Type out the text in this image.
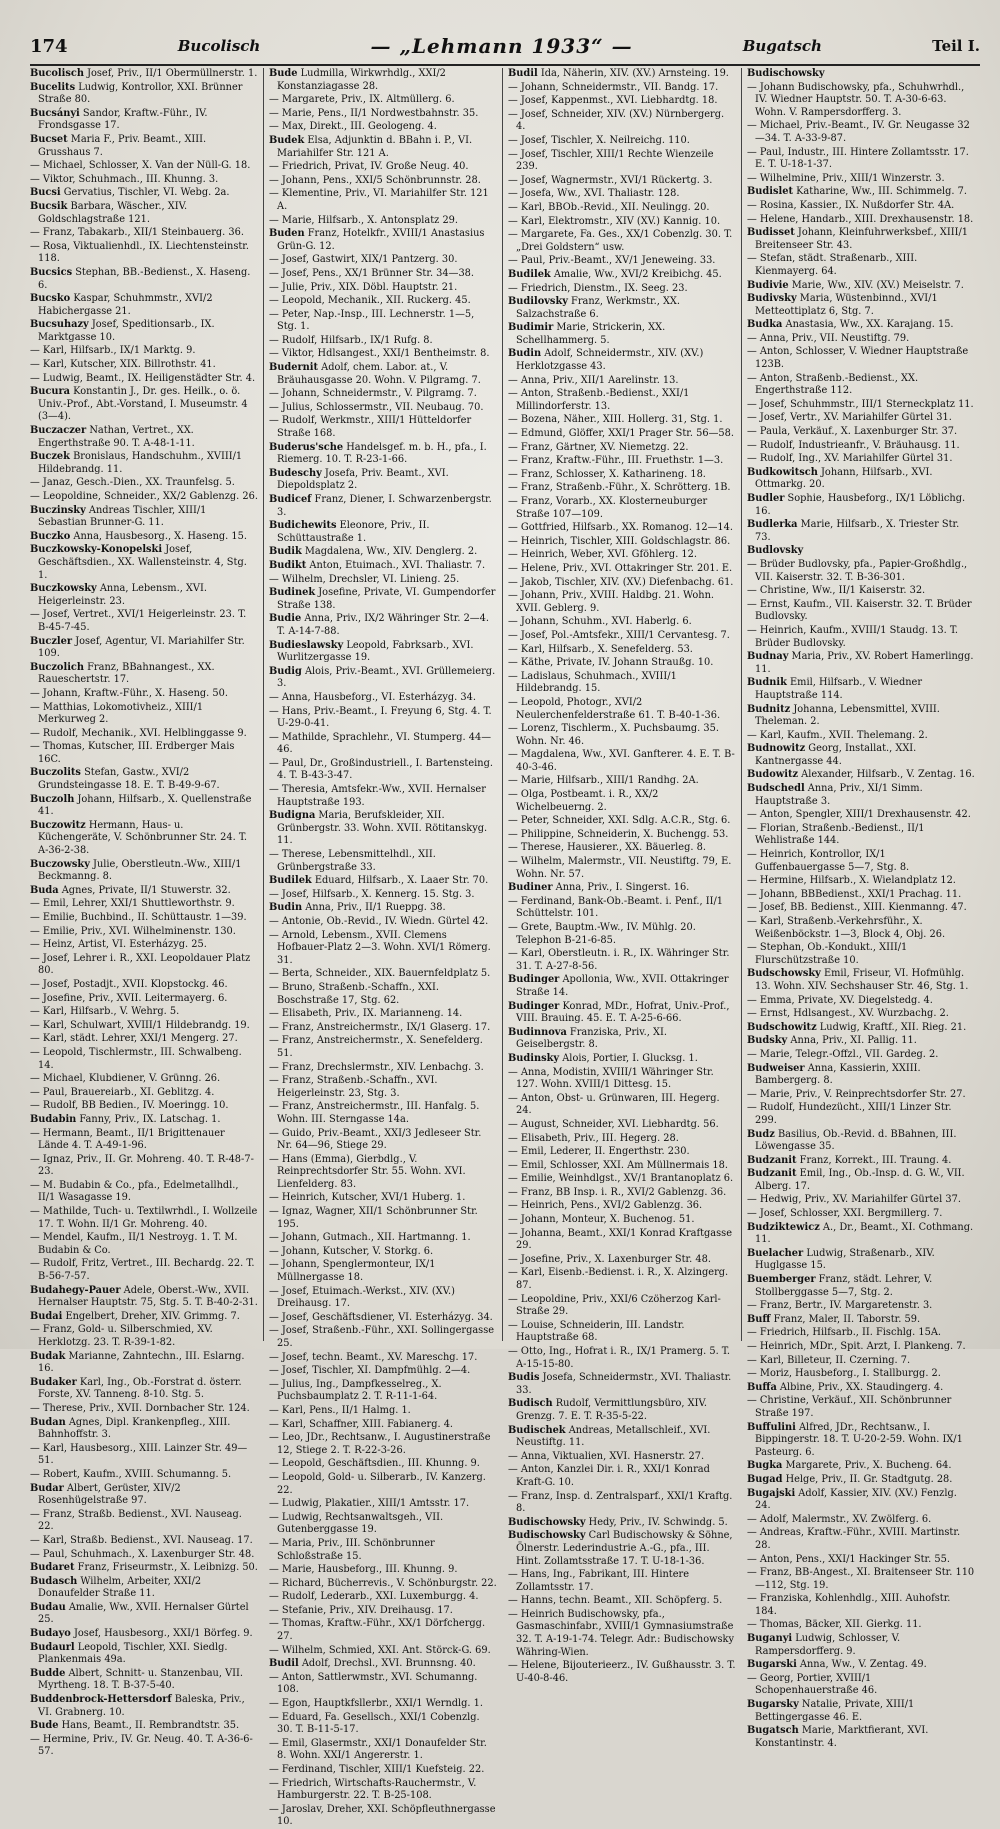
174	Bucolisch	— „Lehmann 1933“ —	Bugatsch	Teil I.
Bucolisch Josef, Priv., II/1 Obermüllnerstr. 1.
Bucelits Ludwig, Kontrollor, XXI. Brünner Straße 80.
Bucsányi Sandor, Kraftw.-Führ., IV. Frondsgasse 17.
Bucset Maria F., Priv. Beamt., XIII. Grusshaus 7.
— Michael, Schlosser, X. Van der Nüll-G. 18.
— Viktor, Schuhmach., III. Khunng. 3.
Bucsi Gervatius, Tischler, VI. Webg. 2a.
Bucsik Barbara, Wäscher., XIV. Goldschlagstraße 121.
— Franz, Tabakarb., XII/1 Steinbauerg. 36.
— Rosa, Viktualienhdl., IX. Liechtensteinstr. 118.
Bucsics Stephan, BB.-Bedienst., X. Haseng. 6.
Bucsko Kaspar, Schuhmmstr., XVI/2 Habichergasse 21.
Bucsuhazy Josef, Speditionsarb., IX. Marktgasse 10.
— Karl, Hilfsarb., IX/1 Marktg. 9.
— Karl, Kutscher, XIX. Billrothstr. 41.
— Ludwig, Beamt., IX. Heiligenstädter Str. 4.
Bucura Konstantin J., Dr. ges. Heilk., o. ö. Univ.-Prof., Abt.-Vorstand, I. Museumstr. 4 (3—4).
Buczaczer Nathan, Vertret., XX. Engerthstraße 90. T. A-48-1-11.
Buczek Bronislaus, Handschuhm., XVIII/1 Hildebrandg. 11.
— Janaz, Gesch.-Dien., XX. Traunfelsg. 5.
— Leopoldine, Schneider., XX/2 Gablenzg. 26.
Buczinsky Andreas Tischler, XIII/1 Sebastian Brunner-G. 11.
Buczko Anna, Hausbesorg., X. Haseng. 15.
Buczkowsky-Konopelski Josef, Geschäftsdien., XX. Wallensteinstr. 4, Stg. 1.
Buczkowsky Anna, Lebensm., XVI. Heigerleinstr. 23.
— Josef, Vertret., XVI/1 Heigerleinstr. 23. T. B-45-7-45.
Buczler Josef, Agentur, VI. Mariahilfer Str. 109.
Buczolich Franz, BBahnangest., XX. Raueschertstr. 17.
— Johann, Kraftw.-Führ., X. Haseng. 50.
— Matthias, Lokomotivheiz., XIII/1 Merkurweg 2.
— Rudolf, Mechanik., XVI. Helblinggasse 9.
— Thomas, Kutscher, III. Erdberger Mais 16C.
Buczolits Stefan, Gastw., XVI/2 Grundsteingasse 18. E. T. B-49-9-67.
Buczolh Johann, Hilfsarb., X. Quellenstraße 41.
Buczowitz Hermann, Haus- u. Küchengeräte, V. Schönbrunner Str. 24. T. A-36-2-38.
Buczowsky Julie, Oberstleutn.-Ww., XIII/1 Beckmanng. 8.
Buda Agnes, Private, II/1 Stuwerstr. 32.
— Emil, Lehrer, XXI/1 Shuttleworthstr. 9.
— Emilie, Buchbind., II. Schüttaustr. 1—39.
— Emilie, Priv., XVI. Wilhelminenstr. 130.
— Heinz, Artist, VI. Esterházyg. 25.
— Josef, Lehrer i. R., XXI. Leopoldauer Platz 80.
— Josef, Postadjt., XVII. Klopstockg. 46.
— Josefine, Priv., XVII. Leitermayerg. 6.
— Karl, Hilfsarb., V. Wehrg. 5.
— Karl, Schulwart, XVIII/1 Hildebrandg. 19.
— Karl, städt. Lehrer, XXI/1 Mengerg. 27.
— Leopold, Tischlermstr., III. Schwalbeng. 14.
— Michael, Klubdiener, V. Grünng. 26.
— Paul, Brauereiarb., XI. Geblitzg. 4.
— Rudolf, BB Bedien., IV. Moeringg. 10.
Budabin Fanny, Priv., IX. Latschag. 1.
— Hermann, Beamt., II/1 Brigittenauer Lände 4. T. A-49-1-96.
— Ignaz, Priv., II. Gr. Mohreng. 40. T. R-48-7-23.
— M. Budabin & Co., pfa., Edelmetallhdl., II/1 Wasagasse 19.
— Mathilde, Tuch- u. Textilwrhdl., I. Wollzeile 17. T. Wohn. II/1 Gr. Mohreng. 40.
— Mendel, Kaufm., II/1 Nestroyg. 1. T. M. Budabin & Co.
— Rudolf, Fritz, Vertret., III. Bechardg. 22. T. B-56-7-57.
Budahegy-Pauer Adele, Oberst.-Ww., XVII. Hernalser Hauptstr. 75, Stg. 5. T. B-40-2-31.
Budai Engelbert, Dreher, XIV. Grimmg. 7.
— Franz, Gold- u. Silberschmied, XV. Herklotzg. 23. T. R-39-1-82.
Budak Marianne, Zahntechn., III. Eslarng. 16.
Budaker Karl, Ing., Ob.-Forstrat d. österr. Forste, XV. Tanneng. 8-10. Stg. 5.
— Therese, Priv., XVII. Dornbacher Str. 124.
Budan Agnes, Dipl. Krankenpfleg., XIII. Bahnhoffstr. 3.
— Karl, Hausbesorg., XIII. Lainzer Str. 49—51.
— Robert, Kaufm., XVIII. Schumanng. 5.
Budar Albert, Gerüster, XIV/2 Rosenhügelstraße 97.
— Franz, Straßb. Bedienst., XVI. Nauseag. 22.
— Karl, Straßb. Bedienst., XVI. Nauseag. 17.
— Paul, Schuhmach., X. Laxenburger Str. 48.
Budaret Franz, Friseurmstr., X. Leibnizg. 50.
Budasch Wilhelm, Arbeiter, XXI/2 Donaufelder Straße 11.
Budau Amalie, Ww., XVII. Hernalser Gürtel 25.
Budayo Josef, Hausbesorg., XXI/1 Börfeg. 9.
Budaurl Leopold, Tischler, XXI. Siedlg. Plankenmais 49a.
Budde Albert, Schnitt- u. Stanzenbau, VII. Myrtheng. 18. T. B-37-5-40.
Buddenbrock-Hettersdorf Baleska, Priv., VI. Grabnerg. 10.
Bude Hans, Beamt., II. Rembrandtstr. 35.
— Hermine, Priv., IV. Gr. Neug. 40. T. A-36-6-57.
Bude Ludmilla, Wirkwrhdlg., XXI/2 Konstanziagasse 28.
— Margarete, Priv., IX. Altmüllerg. 6.
— Marie, Pens., II/1 Nordwestbahnstr. 35.
— Max, Direkt., III. Geologeng. 4.
Budek Elsa, Adjunktin d. BBahn i. P., VI. Mariahilfer Str. 121 A.
— Friedrich, Privat, IV. Große Neug. 40.
— Johann, Pens., XXI/5 Schönbrunnstr. 28.
— Klementine, Priv., VI. Mariahilfer Str. 121 A.
— Marie, Hilfsarb., X. Antonsplatz 29.
Buden Franz, Hotelkfr., XVIII/1 Anastasius Grün-G. 12.
— Josef, Gastwirt, XIX/1 Pantzerg. 30.
— Josef, Pens., XX/1 Brünner Str. 34—38.
— Julie, Priv., XIX. Döbl. Hauptstr. 21.
— Leopold, Mechanik., XII. Ruckerg. 45.
— Peter, Nap.-Insp., III. Lechnerstr. 1—5, Stg. 1.
— Rudolf, Hilfsarb., IX/1 Rufg. 8.
— Viktor, Hdlsangest., XXI/1 Bentheimstr. 8.
Budernit Adolf, chem. Labor. at., V. Bräuhausgasse 20. Wohn. V. Pilgramg. 7.
— Johann, Schneidermstr., V. Pilgramg. 7.
— Julius, Schlossermstr., VII. Neubaug. 70.
— Rudolf, Werkmstr., XIII/1 Hütteldorfer Straße 168.
Buderus'sche Handelsgef. m. b. H., pfa., I. Riemerg. 10. T. R-23-1-66.
Budeschy Josefa, Priv. Beamt., XVI. Diepoldsplatz 2.
Budicef Franz, Diener, I. Schwarzenbergstr. 3.
Budichewits Eleonore, Priv., II. Schüttaustraße 1.
Budik Magdalena, Ww., XIV. Denglerg. 2.
Budikt Anton, Etuimach., XVI. Thaliastr. 7.
— Wilhelm, Drechsler, VI. Linieng. 25.
Budinek Josefine, Private, VI. Gumpendorfer Straße 138.
Budie Anna, Priv., IX/2 Währinger Str. 2—4. T. A-14-7-88.
Budieslawsky Leopold, Fabrksarb., XVI. Wurlitzergasse 19.
Budig Alois, Priv.-Beamt., XVI. Grüllemeierg. 3.
— Anna, Hausbeforg., VI. Esterházyg. 34.
— Hans, Priv.-Beamt., I. Freyung 6, Stg. 4. T. U-29-0-41.
— Mathilde, Sprachlehr., VI. Stumperg. 44—46.
— Paul, Dr., Großindustriell., I. Bartensteing. 4. T. B-43-3-47.
— Theresia, Amtsfekr.-Ww., XVII. Hernalser Hauptstraße 193.
Budigna Maria, Berufskleider, XII. Grünbergstr. 33. Wohn. XVII. Rötitanskyg. 11.
— Therese, Lebensmittelhdl., XII. Grünbergstraße 33.
Budilek Eduard, Hilfsarb., X. Laaer Str. 70.
— Josef, Hilfsarb., X. Kennerg. 15. Stg. 3.
Budin Anna, Priv., II/1 Rueppg. 38.
— Antonie, Ob.-Revid., IV. Wiedn. Gürtel 42.
— Arnold, Lebensm., XVII. Clemens Hofbauer-Platz 2—3. Wohn. XVI/1 Römerg. 31.
— Berta, Schneider., XIX. Bauernfeldplatz 5.
— Bruno, Straßenb.-Schaffn., XXI. Boschstraße 17, Stg. 62.
— Elisabeth, Priv., IX. Marianneng. 14.
— Franz, Anstreichermstr., IX/1 Glaserg. 17.
— Franz, Anstreichermstr., X. Senefelderg. 51.
— Franz, Drechslermstr., XIV. Lenbachg. 3.
— Franz, Straßenb.-Schaffn., XVI. Heigerleinstr. 23, Stg. 3.
— Franz, Anstreichermstr., III. Hanfalg. 5. Wohn. III. Sterngasse 14a.
— Guido, Priv.-Beamt., XXI/3 Jedleseer Str. Nr. 64—96, Stiege 29.
— Hans (Emma), Gierbdlg., V. Reinprechtsdorfer Str. 55. Wohn. XVI. Lienfelderg. 83.
— Heinrich, Kutscher, XVI/1 Huberg. 1.
— Ignaz, Wagner, XII/1 Schönbrunner Str. 195.
— Johann, Gutmach., XII. Hartmanng. 1.
— Johann, Kutscher, V. Storkg. 6.
— Johann, Spenglermonteur, IX/1 Müllnergasse 18.
— Josef, Etuimach.-Werkst., XIV. (XV.) Dreihausg. 17.
— Josef, Geschäftsdiener, VI. Esterházyg. 34.
— Josef, Straßenb.-Führ., XXI. Sollingergasse 25.
— Josef, techn. Beamt., XV. Mareschg. 17.
— Josef, Tischler, XI. Dampfmühlg. 2—4.
— Julius, Ing., Dampfkesselreg., X. Puchsbaumplatz 2. T. R-11-1-64.
— Karl, Pens., II/1 Halmg. 1.
— Karl, Schaffner, XIII. Fabianerg. 4.
— Leo, JDr., Rechtsanw., I. Augustinerstraße 12, Stiege 2. T. R-22-3-26.
— Leopold, Geschäftsdien., III. Khunng. 9.
— Leopold, Gold- u. Silberarb., IV. Kanzerg. 22.
— Ludwig, Plakatier., XIII/1 Amtsstr. 17.
— Ludwig, Rechtsanwaltsgeh., VII. Gutenberggasse 19.
— Maria, Priv., III. Schönbrunner Schloßstraße 15.
— Marie, Hausbeforg., III. Khunng. 9.
— Richard, Bücherrevis., V. Schönburgstr. 22.
— Rudolf, Lederarb., XXI. Luxemburgg. 4.
— Stefanie, Priv., XIV. Dreihausg. 17.
— Thomas, Kraftw.-Führ., XX/1 Dörfchergg. 27.
— Wilhelm, Schmied, XXI. Ant. Störck-G. 69.
Budil Adolf, Drechsl., XVI. Brunnsng. 40.
— Anton, Sattlerwmstr., XVI. Schumanng. 108.
— Egon, Hauptkfsllerbr., XXI/1 Werndlg. 1.
— Eduard, Fa. Gesellsch., XXI/1 Cobenzlg. 30. T. B-11-5-17.
— Emil, Glasermstr., XXI/1 Donaufelder Str. 8. Wohn. XXI/1 Angererstr. 1.
— Ferdinand, Tischler, XIII/1 Kuefsteig. 22.
— Friedrich, Wirtschafts-Rauchermstr., V. Hamburgerstr. 22. T. B-25-108.
— Jaroslav, Dreher, XXI. Schöpfleuthnergasse 10.
Budil Ida, Näherin, XIV. (XV.) Arnsteing. 19.
— Johann, Schneidermstr., VII. Bandg. 17.
— Josef, Kappenmst., XVI. Liebhardtg. 18.
— Josef, Schneider, XIV. (XV.) Nürnbergerg. 4.
— Josef, Tischler, X. Neilreichg. 110.
— Josef, Tischler, XIII/1 Rechte Wienzeile 239.
— Josef, Wagnermstr., XVI/1 Rückertg. 3.
— Josefa, Ww., XVI. Thaliastr. 128.
— Karl, BBOb.-Revid., XII. Neulingg. 20.
— Karl, Elektromstr., XIV (XV.) Kannig. 10.
— Margarete, Fa. Ges., XX/1 Cobenzlg. 30. T. „Drei Goldstern“ usw.
— Paul, Priv.-Beamt., XV/1 Jeneweing. 33.
Budilek Amalie, Ww., XVI/2 Kreibichg. 45.
— Friedrich, Dienstm., IX. Seeg. 23.
Budilovsky Franz, Werkmstr., XX. Salzachstraße 6.
Budimir Marie, Strickerin, XX. Schellhammerg. 5.
Budin Adolf, Schneidermstr., XIV. (XV.) Herklotzgasse 43.
— Anna, Priv., XII/1 Aarelinstr. 13.
— Anton, Straßenb.-Bedienst., XXI/1 Millindorferstr. 13.
— Bozena, Näher., XIII. Hollerg. 31, Stg. 1.
— Edmund, Glöffer, XXI/1 Prager Str. 56—58.
— Franz, Gärtner, XV. Niemetzg. 22.
— Franz, Kraftw.-Führ., III. Fruethstr. 1—3.
— Franz, Schlosser, X. Katharineng. 18.
— Franz, Straßenb.-Führ., X. Schrötterg. 1B.
— Franz, Vorarb., XX. Klosterneuburger Straße 107—109.
— Gottfried, Hilfsarb., XX. Romanog. 12—14.
— Heinrich, Tischler, XIII. Goldschlagstr. 86.
— Heinrich, Weber, XVI. Gföhlerg. 12.
— Helene, Priv., XVI. Ottakringer Str. 201. E.
— Jakob, Tischler, XIV. (XV.) Diefenbachg. 61.
— Johann, Priv., XVIII. Haldbg. 21. Wohn. XVII. Geblerg. 9.
— Johann, Schuhm., XVI. Haberlg. 6.
— Josef, Pol.-Amtsfekr., XIII/1 Cervantesg. 7.
— Karl, Hilfsarb., X. Senefelderg. 53.
— Käthe, Private, IV. Johann Straußg. 10.
— Ladislaus, Schuhmach., XVIII/1 Hildebrandg. 15.
— Leopold, Photogr., XVI/2 Neulerchenfelderstraße 61. T. B-40-1-36.
— Lorenz, Tischlerm., X. Puchsbaumg. 35. Wohn. Nr. 46.
— Magdalena, Ww., XVI. Ganfterer. 4. E. T. B-40-3-46.
— Marie, Hilfsarb., XIII/1 Randhg. 2A.
— Olga, Postbeamt. i. R., XX/2 Wichelbeuerng. 2.
— Peter, Schneider, XXI. Sdlg. A.C.R., Stg. 6.
— Philippine, Schneiderin, X. Buchengg. 53.
— Therese, Hausierer., XX. Bäuerleg. 8.
— Wilhelm, Malermstr., VII. Neustiftg. 79, E. Wohn. Nr. 57.
Budiner Anna, Priv., I. Singerst. 16.
— Ferdinand, Bank-Ob.-Beamt. i. Penf., II/1 Schüttelstr. 101.
— Grete, Bauptm.-Ww., IV. Mühlg. 20. Telephon B-21-6-85.
— Karl, Oberstleutn. i. R., IX. Währinger Str. 31. T. A-27-8-56.
Budinger Apollonia, Ww., XVII. Ottakringer Straße 14.
Budinger Konrad, MDr., Hofrat, Univ.-Prof., VIII. Brauing. 45. E. T. A-25-6-66.
Budinnova Franziska, Priv., XI. Geiselbergstr. 8.
Budinsky Alois, Portier, I. Glucksg. 1.
— Anna, Modistin, XVIII/1 Währinger Str. 127. Wohn. XVIII/1 Dittesg. 15.
— Anton, Obst- u. Grünwaren, III. Hegerg. 24.
— August, Schneider, XVI. Liebhardtg. 56.
— Elisabeth, Priv., III. Hegerg. 28.
— Emil, Lederer, II. Engerthstr. 230.
— Emil, Schlosser, XXI. Am Müllnermais 18.
— Emilie, Weinhdlgst., XV/1 Brantanoplatz 6.
— Franz, BB Insp. i. R., XVI/2 Gablenzg. 36.
— Heinrich, Pens., XVI/2 Gablenzg. 36.
— Johann, Monteur, X. Buchenog. 51.
— Johanna, Beamt., XXI/1 Konrad Kraftgasse 29.
— Josefine, Priv., X. Laxenburger Str. 48.
— Karl, Eisenb.-Bedienst. i. R., X. Alzingerg. 87.
— Leopoldine, Priv., XXI/6 Czöherzog Karl-Straße 29.
— Louise, Schneiderin, III. Landstr. Hauptstraße 68.
— Otto, Ing., Hofrat i. R., IX/1 Pramerg. 5. T. A-15-15-80.
Budis Josefa, Schneidermstr., XVI. Thaliastr. 33.
Budisch Rudolf, Vermittlungsbüro, XIV. Grenzg. 7. E. T. R-35-5-22.
Budischek Andreas, Metallschleif., XVI. Neustiftg. 11.
— Anna, Viktualien, XVI. Hasnerstr. 27.
— Anton, Kanzlei Dir. i. R., XXI/1 Konrad Kraft-G. 10.
— Franz, Insp. d. Zentralsparf., XXI/1 Kraftg. 8.
Budischowsky Hedy, Priv., IV. Schwindg. 5.
Budischowsky Carl Budischowsky & Söhne, Ölnerstr. Lederindustrie A.-G., pfa., III. Hint. Zollamtsstraße 17. T. U-18-1-36.
— Hans, Ing., Fabrikant, III. Hintere Zollamtsstr. 17.
— Hanns, techn. Beamt., XII. Schöpferg. 5.
— Heinrich Budischowsky, pfa., Gasmaschinfabr., XVIII/1 Gymnasiumstraße 32. T. A-19-1-74. Telegr. Adr.: Budischowsky Währing-Wien.
— Helene, Bijouterieerz., IV. Gußhausstr. 3. T. U-40-8-46.
Budischowsky
— Johann Budischowsky, pfa., Schuhwrhdl., IV. Wiedner Hauptstr. 50. T. A-30-6-63. Wohn. V. Rampersdorfferg. 3.
— Michael, Priv.-Beamt., IV. Gr. Neugasse 32—34. T. A-33-9-87.
— Paul, Industr., III. Hintere Zollamtsstr. 17. E. T. U-18-1-37.
— Wilhelmine, Priv., XIII/1 Winzerstr. 3.
Budislet Katharine, Ww., III. Schimmelg. 7.
— Rosina, Kassier., IX. Nußdorfer Str. 4A.
— Helene, Handarb., XIII. Drexhausenstr. 18.
Budisset Johann, Kleinfuhrwerksbef., XIII/1 Breitenseer Str. 43.
— Stefan, städt. Straßenarb., XIII. Kienmayerg. 64.
Budivie Marie, Ww., XIV. (XV.) Meiselstr. 7.
Budivsky Maria, Wüstenbinnd., XVI/1 Metteottiplatz 6, Stg. 7.
Budka Anastasia, Ww., XX. Karajang. 15.
— Anna, Priv., VII. Neustiftg. 79.
— Anton, Schlosser, V. Wiedner Hauptstraße 123B.
— Anton, Straßenb.-Bedienst., XX. Engerthstraße 112.
— Josef, Schuhmmstr., III/1 Sterneckplatz 11.
— Josef, Vertr., XV. Mariahilfer Gürtel 31.
— Paula, Verkäuf., X. Laxenburger Str. 37.
— Rudolf, Industrieanfr., V. Bräuhausg. 11.
— Rudolf, Ing., XV. Mariahilfer Gürtel 31.
Budkowitsch Johann, Hilfsarb., XVI. Ottmarkg. 20.
Budler Sophie, Hausbeforg., IX/1 Löblichg. 16.
Budlerka Marie, Hilfsarb., X. Triester Str. 73.
Budlovsky
— Brüder Budlovsky, pfa., Papier-Großhdlg., VII. Kaiserstr. 32. T. B-36-301.
— Christine, Ww., II/1 Kaiserstr. 32.
— Ernst, Kaufm., VII. Kaiserstr. 32. T. Brüder Budlovsky.
— Heinrich, Kaufm., XVIII/1 Staudg. 13. T. Brüder Budlovsky.
Budnay Maria, Priv., XV. Robert Hamerlingg. 11.
Budnik Emil, Hilfsarb., V. Wiedner Hauptstraße 114.
Budnitz Johanna, Lebensmittel, XVIII. Theleman. 2.
— Karl, Kaufm., XVII. Thelemang. 2.
Budnowitz Georg, Installat., XXI. Kantnergasse 44.
Budowitz Alexander, Hilfsarb., V. Zentag. 16.
Budschedl Anna, Priv., XI/1 Simm. Hauptstraße 3.
— Anton, Spengler, XIII/1 Drexhausenstr. 42.
— Florian, Straßenb.-Bedienst., II/1 Wehlistraße 144.
— Heinrich, Kontrollor, IX/1 Guffenbauergasse 5—7, Stg. 8.
— Hermine, Hilfsarb., X. Wielandplatz 12.
— Johann, BBBedienst., XXI/1 Prachag. 11.
— Josef, BB. Bedienst., XIII. Kienmanng. 47.
— Karl, Straßenb.-Verkehrsführ., X. Weißenböckstr. 1—3, Block 4, Obj. 26.
— Stephan, Ob.-Kondukt., XIII/1 Flurschützstraße 10.
Budschowsky Emil, Friseur, VI. Hofmühlg. 13. Wohn. XIV. Sechshauser Str. 46, Stg. 1.
— Emma, Private, XV. Diegelstedg. 4.
— Ernst, Hdlsangest., XV. Wurzbachg. 2.
Budschowitz Ludwig, Kraftf., XII. Rieg. 21.
Budsky Anna, Priv., XI. Pallig. 11.
— Marie, Telegr.-Offzl., VII. Gardeg. 2.
Budweiser Anna, Kassierin, XXIII. Bambergerg. 8.
— Marie, Priv., V. Reinprechtsdorfer Str. 27.
— Rudolf, Hundezücht., XIII/1 Linzer Str. 299.
Budz Basilius, Ob.-Revid. d. BBahnen, III. Löwengasse 35.
Budzanit Franz, Korrekt., III. Traung. 4.
Budzanit Emil, Ing., Ob.-Insp. d. G. W., VII. Alberg. 17.
— Hedwig, Priv., XV. Mariahilfer Gürtel 37.
— Josef, Schlosser, XXI. Bergmillerg. 7.
Budziktewicz A., Dr., Beamt., XI. Cothmang. 11.
Buelacher Ludwig, Straßenarb., XIV. Huglgasse 15.
Buemberger Franz, städt. Lehrer, V. Stollberggasse 5—7, Stg. 2.
— Franz, Bertr., IV. Margaretenstr. 3.
Buff Franz, Maler, II. Taborstr. 59.
— Friedrich, Hilfsarb., II. Fischlg. 15A.
— Heinrich, MDr., Spit. Arzt, I. Plankeng. 7.
— Karl, Billeteur, II. Czerning. 7.
— Moriz, Hausbeforg., I. Stallburgg. 2.
Buffa Albine, Priv., XX. Staudingerg. 4.
— Christine, Verkäuf., XII. Schönbrunner Straße 197.
Buffulini Alfred, JDr., Rechtsanw., I. Bippingerstr. 18. T. U-20-2-59. Wohn. IX/1 Pasteurg. 6.
Bugka Margarete, Priv., X. Bucheng. 64.
Bugad Helge, Priv., II. Gr. Stadtgutg. 28.
Bugajski Adolf, Kassier, XIV. (XV.) Fenzlg. 24.
— Adolf, Malermstr., XV. Zwölferg. 6.
— Andreas, Kraftw.-Führ., XVIII. Martinstr. 28.
— Anton, Pens., XXI/1 Hackinger Str. 55.
— Franz, BB-Angest., XI. Braitenseer Str. 110—112, Stg. 19.
— Franziska, Kohlenhdlg., XIII. Auhofstr. 184.
— Thomas, Bäcker, XII. Gierkg. 11.
Buganyi Ludwig, Schlosser, V. Rampersdorfferg. 9.
Bugarski Anna, Ww., V. Zentag. 49.
— Georg, Portier, XVIII/1 Schopenhauerstraße 46.
Bugarsky Natalie, Private, XIII/1 Bettingergasse 46. E.
Bugatsch Marie, Marktfierant, XVI. Konstantinstr. 4.
